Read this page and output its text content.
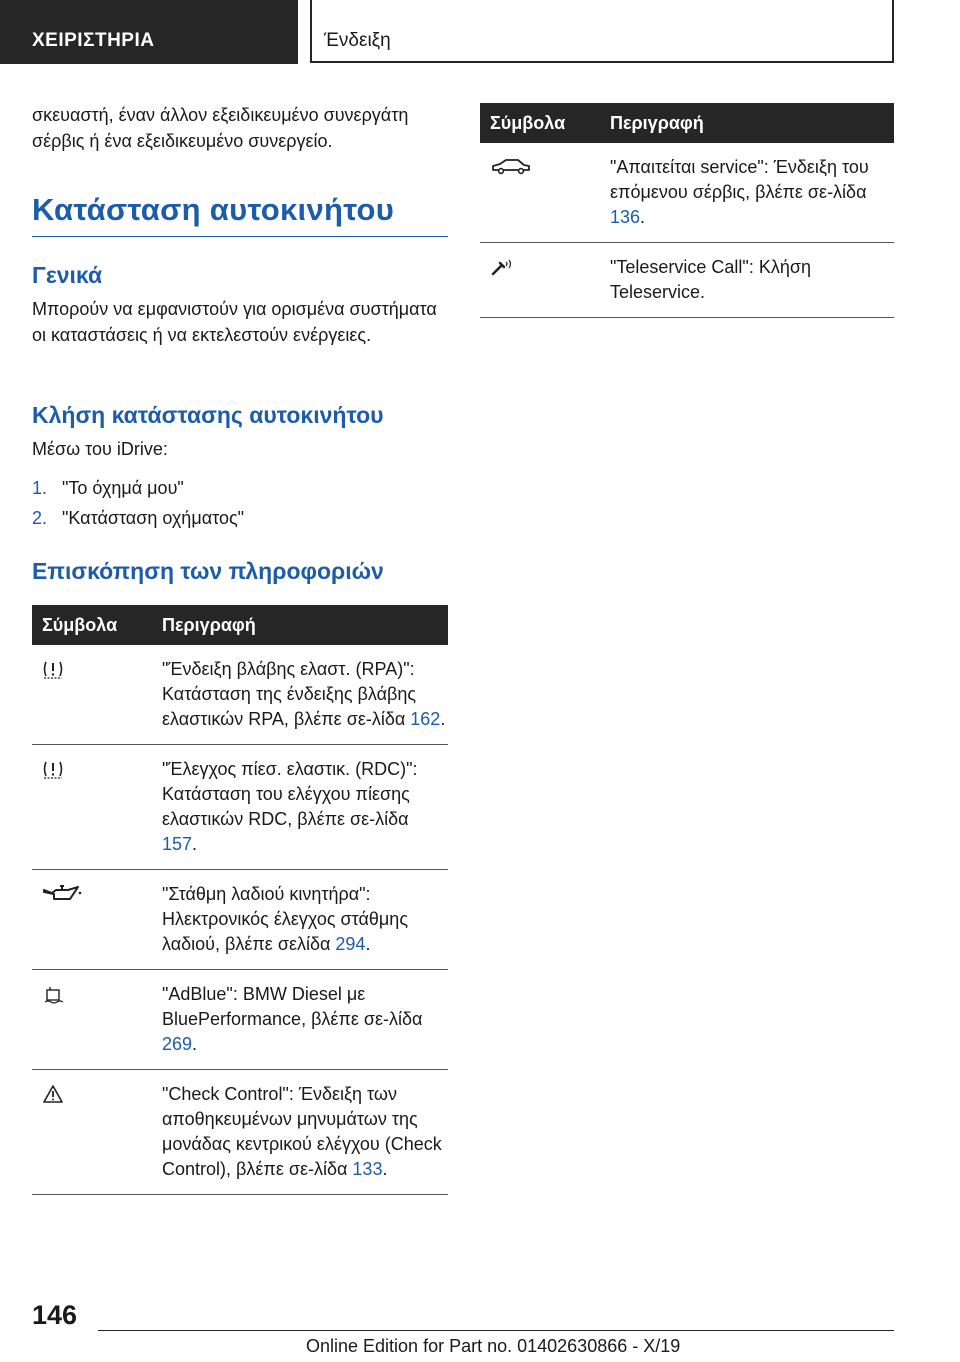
ΧΕΙΡΙΣΤΗΡΙΑ	Ένδειξη
σκευαστή, έναν άλλον εξειδικευμένο συνεργάτη σέρβις ή ένα εξειδικευμένο συνεργείο.
Κατάσταση αυτοκινήτου
Γενικά
Μπορούν να εμφανιστούν για ορισμένα συστήματα οι καταστάσεις ή να εκτελεστούν ενέργειες.
Κλήση κατάστασης αυτοκινήτου
Μέσω του iDrive:
1. "Το όχημά μου"
2. "Κατάσταση οχήματος"
Επισκόπηση των πληροφοριών
Σύμβολα	Περιγραφή
	"Ένδειξη βλάβης ελαστ. (RPA)": Κατάσταση της ένδειξης βλάβης ελαστικών RPA, βλέπε σε-λίδα 162.
	"Έλεγχος πίεσ. ελαστικ. (RDC)": Κατάσταση του ελέγχου πίεσης ελαστικών RDC, βλέπε σε-λίδα 157.
	"Στάθμη λαδιού κινητήρα": Ηλεκτρονικός έλεγχος στάθμης λαδιού, βλέπε σελίδα 294.
	"AdBlue": BMW Diesel με BluePerformance, βλέπε σε-λίδα 269.
	"Check Control": Ένδειξη των αποθηκευμένων μηνυμάτων της μονάδας κεντρικού ελέγχου (Check Control), βλέπε σε-λίδα 133.
Σύμβολα	Περιγραφή
	"Απαιτείται service": Ένδειξη του επόμενου σέρβις, βλέπε σε-λίδα 136.
	"Teleservice Call": Κλήση Teleservice.
146
Online Edition for Part no. 01402630866 - X/19
